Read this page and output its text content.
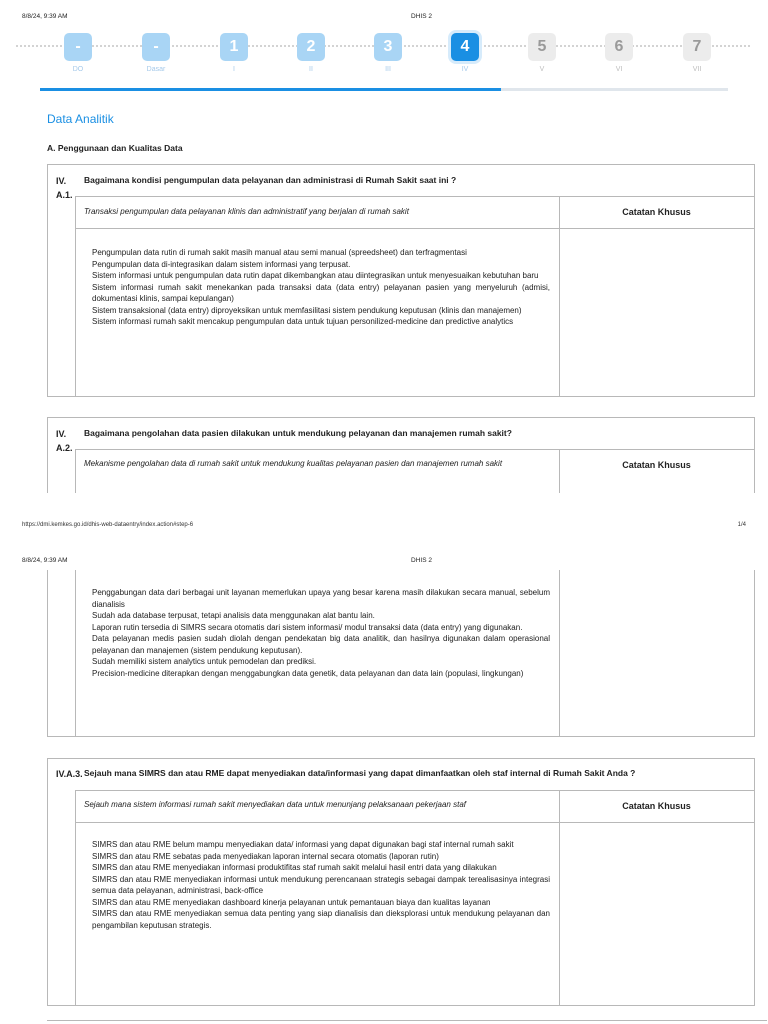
8/8/24, 9:39 AM	DHIS 2
-	-	1	2	3	4	5	6	7
DO	Dasar	I	II	III	IV	V	VI	VII
Data Analitik
A. Penggunaan dan Kualitas Data
IV. A.1.
Bagaimana kondisi pengumpulan data pelayanan dan administrasi di Rumah Sakit saat ini ?
Transaksi pengumpulan data pelayanan klinis dan administratif yang berjalan di rumah sakit	Catatan Khusus
Pengumpulan data rutin di rumah sakit masih manual atau semi manual (spreedsheet) dan terfragmentasi
Pengumpulan data di-integrasikan dalam sistem informasi yang terpusat.
Sistem informasi untuk pengumpulan data rutin dapat dikembangkan atau diintegrasikan untuk menyesuaikan kebutuhan baru
Sistem informasi rumah sakit menekankan pada transaksi data (data entry) pelayanan pasien yang menyeluruh (admisi, dokumentasi klinis, sampai kepulangan)
Sistem transaksional (data entry) diproyeksikan untuk memfasilitasi sistem pendukung keputusan (klinis dan manajemen)
Sistem informasi rumah sakit mencakup pengumpulan data untuk tujuan personilized-medicine dan predictive analytics
IV. A.2.
Bagaimana pengolahan data pasien dilakukan untuk mendukung pelayanan dan manajemen rumah sakit?
Mekanisme pengolahan data di rumah sakit untuk mendukung kualitas pelayanan pasien dan manajemen rumah sakit	Catatan Khusus
https://dmi.kemkes.go.id/dhis-web-dataentry/index.action#step-6	1/4
8/8/24, 9:39 AM	DHIS 2
Penggabungan data dari berbagai unit layanan memerlukan upaya yang besar karena masih dilakukan secara manual, sebelum dianalisis
Sudah ada database terpusat, tetapi analisis data menggunakan alat bantu lain.
Laporan rutin tersedia di SIMRS secara otomatis dari sistem informasi/ modul transaksi data (data entry) yang digunakan.
Data pelayanan medis pasien sudah diolah dengan pendekatan big data analitik, dan hasilnya digunakan dalam operasional pelayanan dan manajemen (sistem pendukung keputusan).
Sudah memiliki sistem analytics untuk pemodelan dan prediksi.
Precision-medicine diterapkan dengan menggabungkan data genetik, data pelayanan dan data lain (populasi, lingkungan)
IV.A.3. Sejauh mana SIMRS dan atau RME dapat menyediakan data/informasi yang dapat dimanfaatkan oleh staf internal di Rumah Sakit Anda ?
Sejauh mana sistem informasi rumah sakit menyediakan data untuk menunjang pelaksanaan pekerjaan staf	Catatan Khusus
SIMRS dan atau RME belum mampu menyediakan data/ informasi yang dapat digunakan bagi staf internal rumah sakit
SIMRS dan atau RME sebatas pada menyediakan laporan internal secara otomatis (laporan rutin)
SIMRS dan atau RME menyediakan informasi produktifitas staf rumah sakit melalui hasil entri data yang dilakukan
SIMRS dan atau RME menyediakan informasi untuk mendukung perencanaan strategis sebagai dampak terealisasinya integrasi semua data pelayanan, administrasi, back-office
SIMRS dan atau RME menyediakan dashboard kinerja pelayanan untuk pemantauan biaya dan kualitas layanan
SIMRS dan atau RME menyediakan semua data penting yang siap dianalisis dan dieksplorasi untuk mendukung pelayanan dan pengambilan keputusan strategis.
